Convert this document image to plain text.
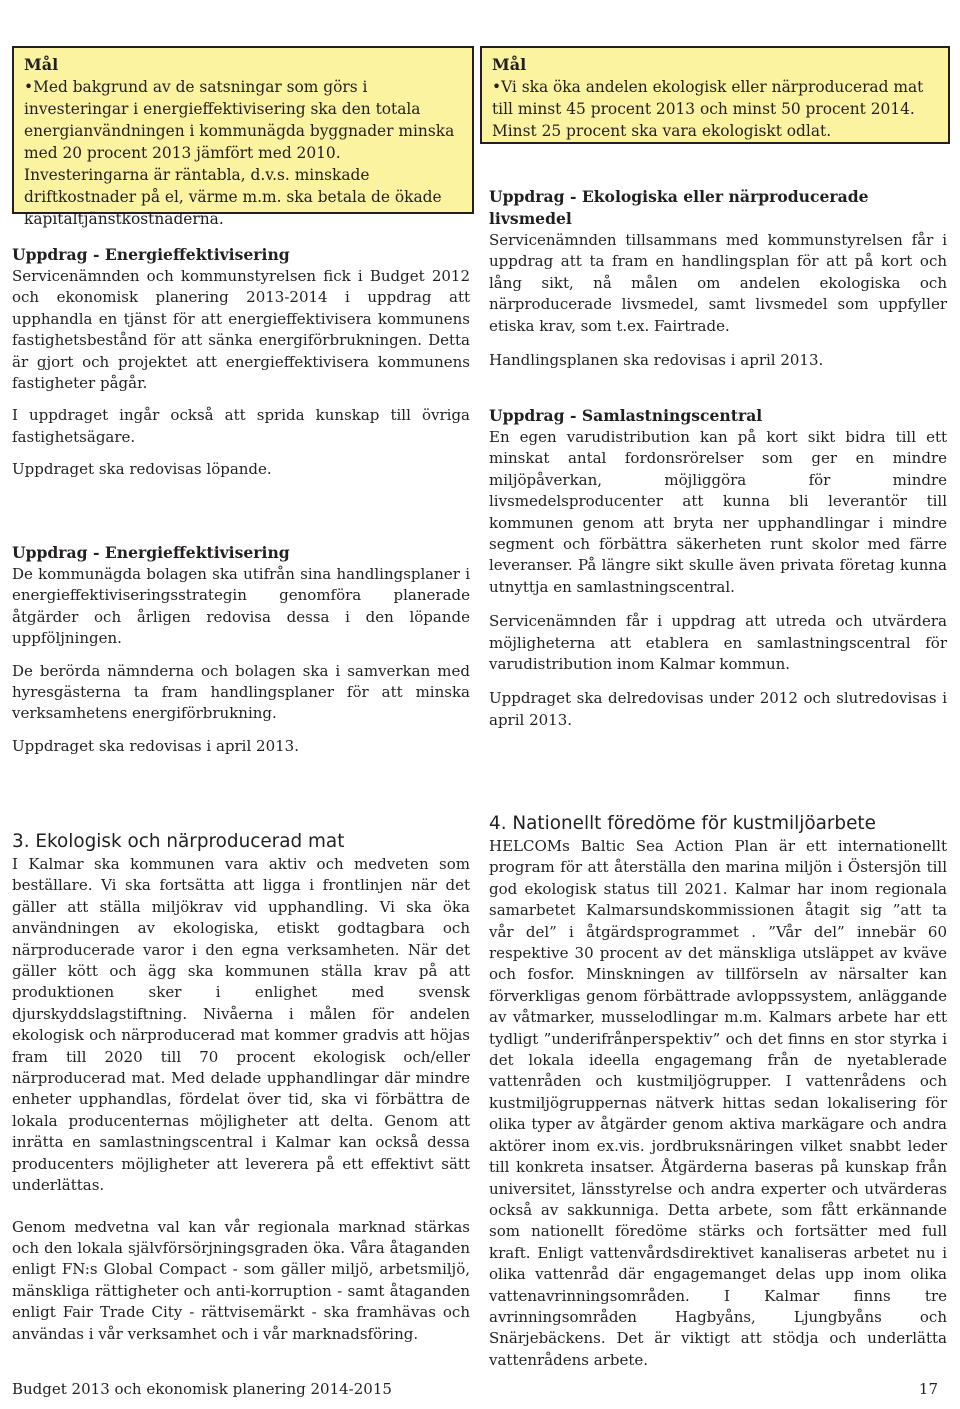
Mål

•Med bakgrund av de satsningar som görs i investeringar i energieffektivisering ska den totala energianvändningen i kommunägda byggnader minska med 20 procent 2013 jämfört med 2010. Investeringarna är räntabla, d.v.s. minskade driftkostnader på el, värme m.m. ska betala de ökade kapitaltjänstkostnaderna.

Uppdrag - Energieffektivisering

Servicenämnden och kommunstyrelsen fick i Budget 2012 och ekonomisk planering 2013-2014 i uppdrag att upphandla en tjänst för att energieffektivisera kommunens fastighetsbestånd för att sänka energiförbrukningen. Detta är gjort och projektet att energieffektivisera kommunens fastigheter pågår.

I uppdraget ingår också att sprida kunskap till övriga fastighetsägare.

Uppdraget ska redovisas löpande.

Uppdrag - Energieffektivisering

De kommunägda bolagen ska utifrån sina handlingsplaner i energieffektiviseringsstrategin genomföra planerade åtgärder och årligen redovisa dessa i den löpande uppföljningen.

De berörda nämnderna och bolagen ska i samverkan med hyresgästerna ta fram handlingsplaner för att minska verksamhetens energiförbrukning.

Uppdraget ska redovisas i april 2013.

Mål

•Vi ska öka andelen ekologisk eller närproducerad mat till minst 45 procent 2013 och minst 50 procent 2014. Minst 25 procent ska vara ekologiskt odlat.

Uppdrag - Ekologiska eller närproducerade livsmedel

Servicenämnden tillsammans med kommunstyrelsen får i uppdrag att ta fram en handlingsplan för att på kort och lång sikt, nå målen om andelen ekologiska och närproducerade livsmedel, samt livsmedel som uppfyller etiska krav, som t.ex. Fairtrade.

Handlingsplanen ska redovisas i april 2013.

Uppdrag - Samlastningscentral

En egen varudistribution kan på kort sikt bidra till ett minskat antal fordonsrörelser som ger en mindre miljöpåverkan, möjliggöra för mindre livsmedelsproducenter att kunna bli leverantör till kommunen genom att bryta ner upphandlingar i mindre segment och förbättra säkerheten runt skolor med färre leveranser. På längre sikt skulle även privata företag kunna utnyttja en samlastningscentral.

Servicenämnden får i uppdrag att utreda och utvärdera möjligheterna att etablera en samlastningscentral för varudistribution inom Kalmar kommun.

Uppdraget ska delredovisas under 2012 och slutredovisas i april 2013.

3. Ekologisk och närproducerad mat

I Kalmar ska kommunen vara aktiv och medveten som beställare. Vi ska fortsätta att ligga i frontlinjen när det gäller att ställa miljökrav vid upphandling. Vi ska öka användningen av ekologiska, etiskt godtagbara och närproducerade varor i den egna verksamheten. När det gäller kött och ägg ska kommunen ställa krav på att produktionen sker i enlighet med svensk djurskyddslagstiftning. Nivåerna i målen för andelen ekologisk och närproducerad mat kommer gradvis att höjas fram till 2020 till 70 procent ekologisk och/eller närproducerad mat. Med delade upphandlingar där mindre enheter upphandlas, fördelat över tid, ska vi förbättra de lokala producenternas möjligheter att delta. Genom att inrätta en samlastningscentral i Kalmar kan också dessa producenters möjligheter att leverera på ett effektivt sätt underlättas.

Genom medvetna val kan vår regionala marknad stärkas och den lokala självförsörjningsgraden öka. Våra åtaganden enligt FN:s Global Compact - som gäller miljö, arbetsmiljö, mänskliga rättigheter och anti-korruption - samt åtaganden enligt Fair Trade City - rättvisemärkt - ska framhävas och användas i vår verksamhet och i vår marknadsföring.

4. Nationellt föredöme för kustmiljöarbete

HELCOMs Baltic Sea Action Plan är ett internationellt program för att återställa den marina miljön i Östersjön till god ekologisk status till 2021. Kalmar har inom regionala samarbetet Kalmarsundskommissionen åtagit sig ”att ta vår del” i åtgärdsprogrammet . ”Vår del” innebär 60 respektive 30 procent av det mänskliga utsläppet av kväve och fosfor. Minskningen av tillförseln av närsalter kan förverkligas genom förbättrade avloppssystem, anläggande av våtmarker, musselodlingar m.m. Kalmars arbete har ett tydligt ”underifrånperspektiv” och det finns en stor styrka i det lokala ideella engagemang från de nyetablerade vattenråden och kustmiljögrupper. I vattenrådens och kustmiljögruppernas nätverk hittas sedan lokalisering för olika typer av åtgärder genom aktiva markägare och andra aktörer inom ex.vis. jordbruksnäringen vilket snabbt leder till konkreta insatser. Åtgärderna baseras på kunskap från universitet, länsstyrelse och andra experter och utvärderas också av sakkunniga. Detta arbete, som fått erkännande som nationellt föredöme stärks och fortsätter med full kraft. Enligt vattenvårdsdirektivet kanaliseras arbetet nu i olika vattenråd där engagemanget delas upp inom olika vattenavrinningsområden. I Kalmar finns tre avrinningsområden Hagbyåns, Ljungbyåns och Snärjebäckens. Det är viktigt att stödja och underlätta vattenrådens arbete.

Budget 2013 och ekonomisk planering 2014-2015	17
